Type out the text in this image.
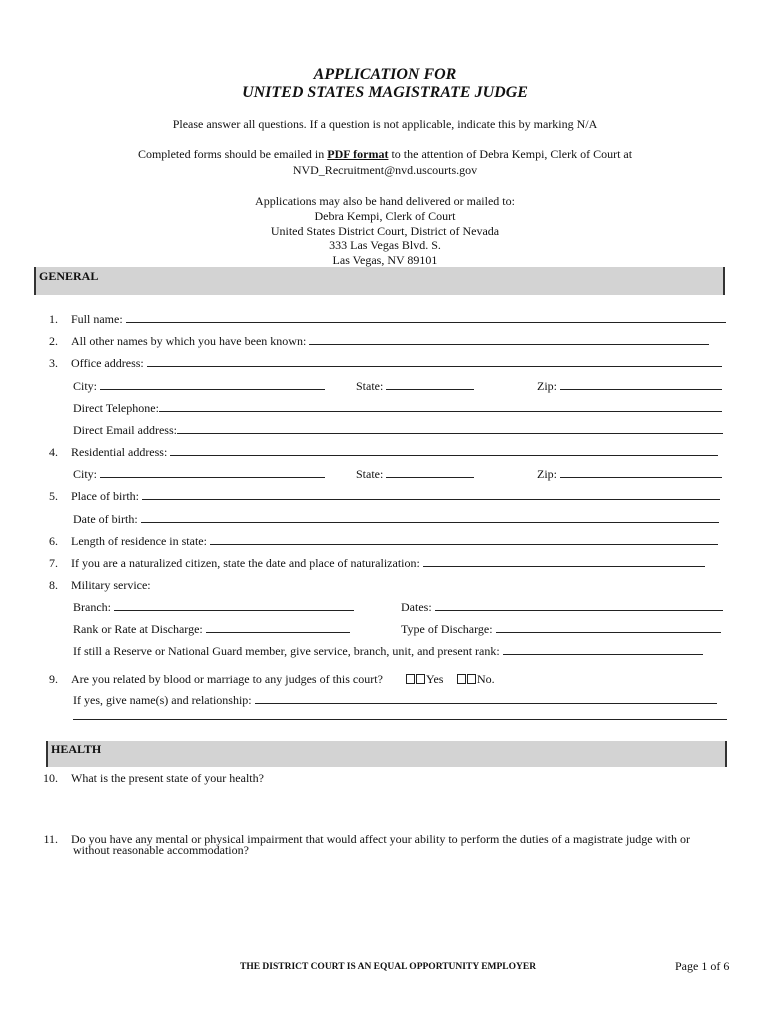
APPLICATION FOR
UNITED STATES MAGISTRATE JUDGE
Please answer all questions. If a question is not applicable, indicate this by marking N/A
Completed forms should be emailed in PDF format to the attention of Debra Kempi, Clerk of Court at
NVD_Recruitment@nvd.uscourts.gov
Applications may also be hand delivered or mailed to:
Debra Kempi, Clerk of Court
United States District Court, District of Nevada
333 Las Vegas Blvd. S.
Las Vegas, NV 89101
GENERAL
1. Full name:
2. All other names by which you have been known:
3. Office address:
City:	State:	Zip:
Direct Telephone:
Direct Email address:
4. Residential address:
City:	State:	Zip:
5. Place of birth:
Date of birth:
6. Length of residence in state:
7. If you are a naturalized citizen, state the date and place of naturalization:
8. Military service:
Branch:	Dates:
Rank or Rate at Discharge:	Type of Discharge:
If still a Reserve or National Guard member, give service, branch, unit, and present rank:
9. Are you related by blood or marriage to any judges of this court?	Yes	No.
If yes, give name(s) and relationship:
HEALTH
10. What is the present state of your health?
11. Do you have any mental or physical impairment that would affect your ability to perform the duties of a magistrate judge with or
without reasonable accommodation?
THE DISTRICT COURT IS AN EQUAL OPPORTUNITY EMPLOYER	Page 1 of 6
